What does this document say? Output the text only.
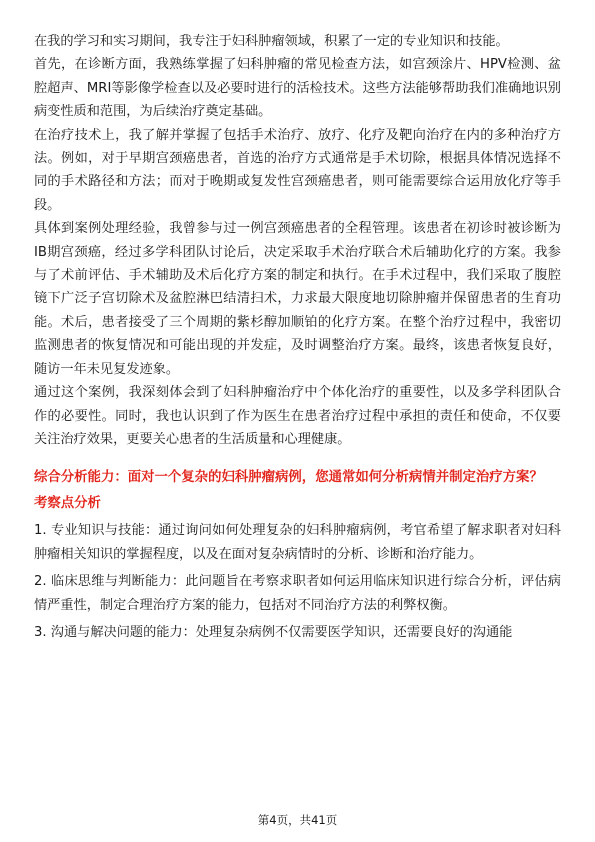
在我的学习和实习期间，我专注于妇科肿瘤领域，积累了一定的专业知识和技能。

首先，在诊断方面，我熟练掌握了妇科肿瘤的常见检查方法，如宫颈涂片、HPV检测、盆腔超声、MRI等影像学检查以及必要时进行的活检技术。这些方法能够帮助我们准确地识别病变性质和范围，为后续治疗奠定基础。

在治疗技术上，我了解并掌握了包括手术治疗、放疗、化疗及靶向治疗在内的多种治疗方法。例如，对于早期宫颈癌患者，首选的治疗方式通常是手术切除，根据具体情况选择不同的手术路径和方法；而对于晚期或复发性宫颈癌患者，则可能需要综合运用放化疗等手段。

具体到案例处理经验，我曾参与过一例宫颈癌患者的全程管理。该患者在初诊时被诊断为IB期宫颈癌，经过多学科团队讨论后，决定采取手术治疗联合术后辅助化疗的方案。我参与了术前评估、手术辅助及术后化疗方案的制定和执行。在手术过程中，我们采取了腹腔镜下广泛子宫切除术及盆腔淋巴结清扫术，力求最大限度地切除肿瘤并保留患者的生育功能。术后，患者接受了三个周期的紫杉醇加顺铂的化疗方案。在整个治疗过程中，我密切监测患者的恢复情况和可能出现的并发症，及时调整治疗方案。最终，该患者恢复良好，随访一年未见复发迹象。

通过这个案例，我深刻体会到了妇科肿瘤治疗中个体化治疗的重要性，以及多学科团队合作的必要性。同时，我也认识到了作为医生在患者治疗过程中承担的责任和使命，不仅要关注治疗效果，更要关心患者的生活质量和心理健康。

综合分析能力：面对一个复杂的妇科肿瘤病例，您通常如何分析病情并制定治疗方案？

考察点分析

1. 专业知识与技能：通过询问如何处理复杂的妇科肿瘤病例，考官希望了解求职者对妇科肿瘤相关知识的掌握程度，以及在面对复杂病情时的分析、诊断和治疗能力。

2. 临床思维与判断能力：此问题旨在考察求职者如何运用临床知识进行综合分析，评估病情严重性，制定合理治疗方案的能力，包括对不同治疗方法的利弊权衡。

3. 沟通与解决问题的能力：处理复杂病例不仅需要医学知识，还需要良好的沟通能

第4页，共41页
